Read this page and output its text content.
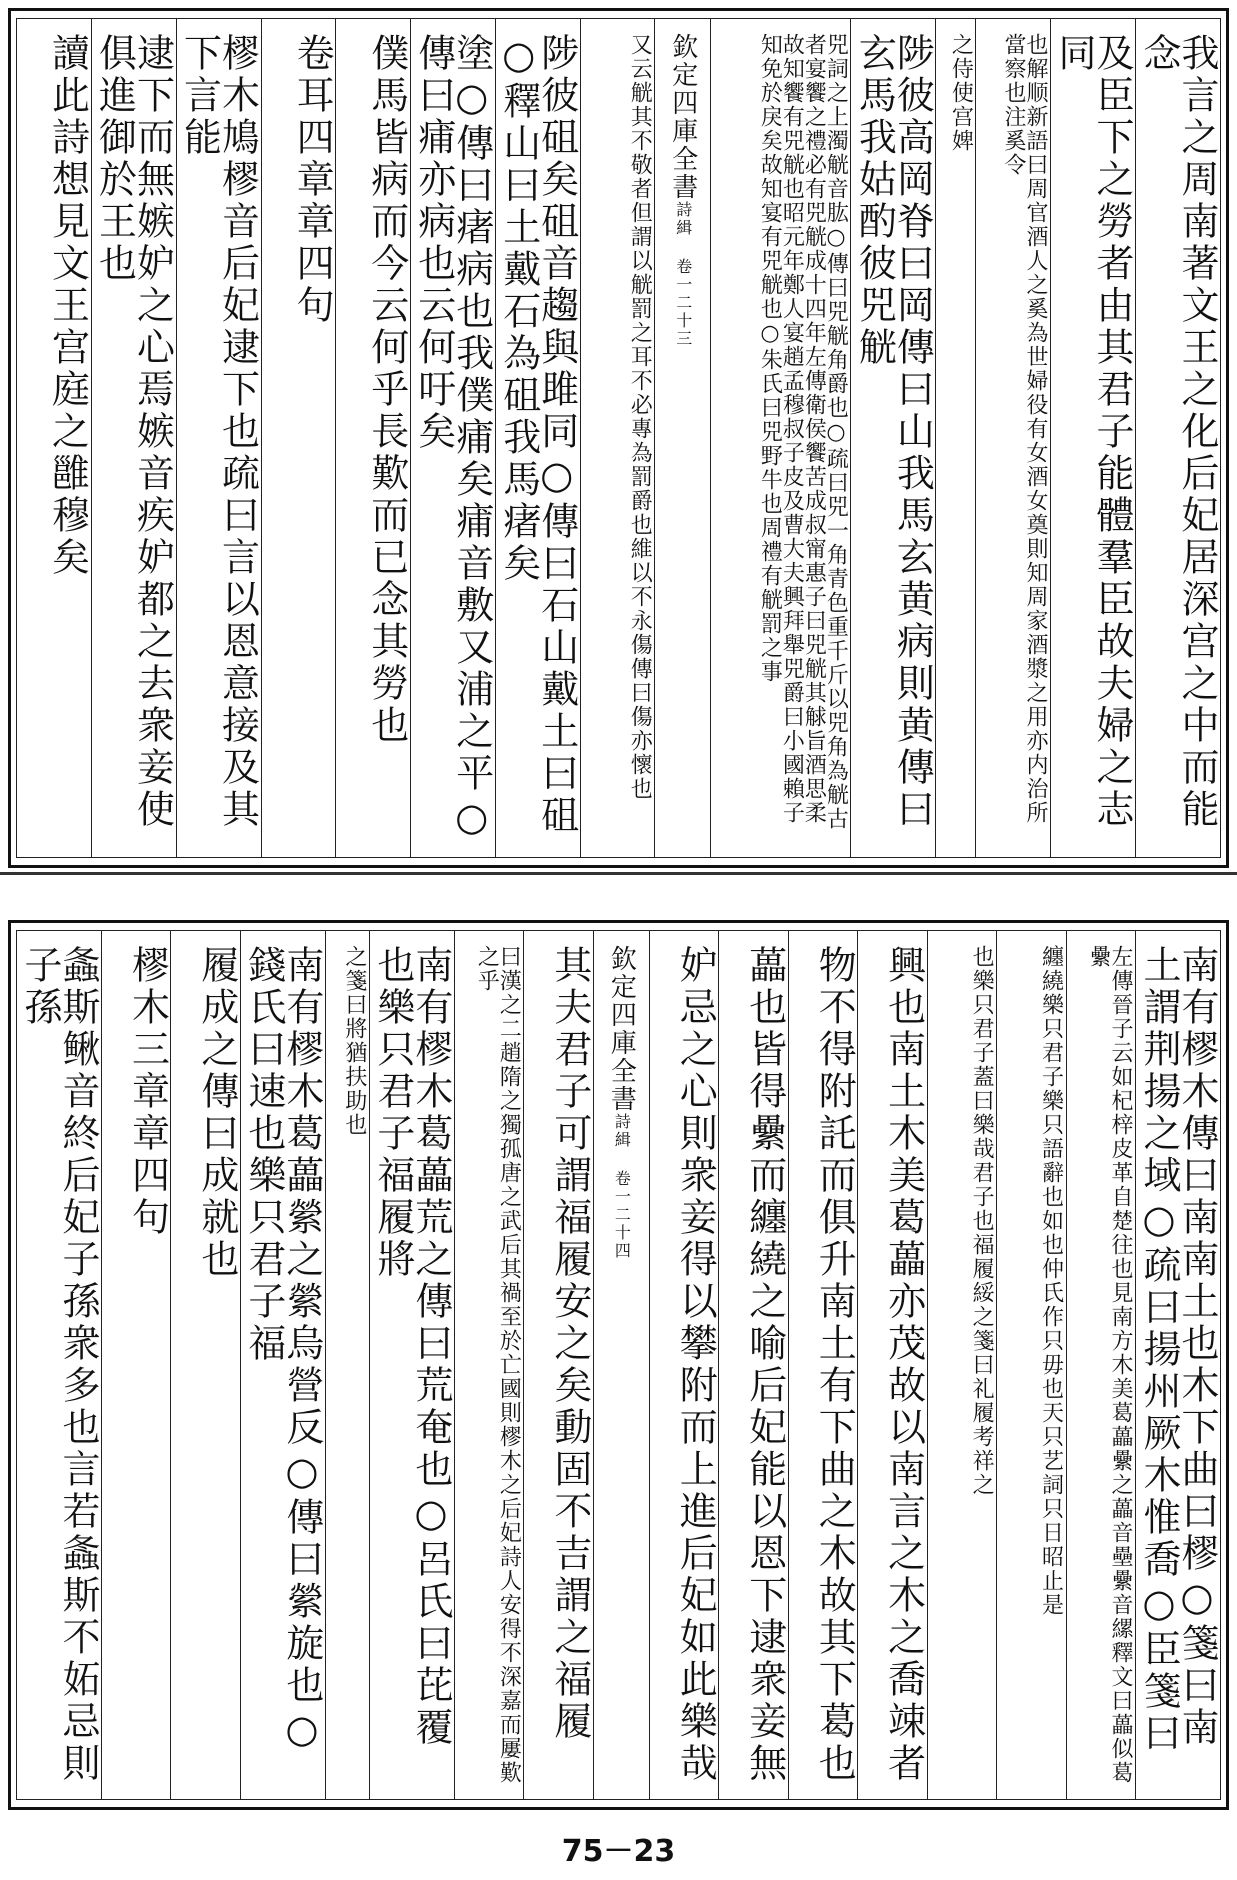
我言之周南著文王之化后妃居深宫之中而能念
及臣下之勞者由其君子能體羣臣故夫婦之志同
也解顺新語曰周官酒人之奚為世婦役有女酒女奠則知周家酒漿之用亦内治所當察也注奚令
之侍使宫婢
陟彼高岡脊曰岡傳曰山我馬玄黄病則黄傳曰玄馬我姑酌彼兕觥
兕詞之上濁觥音肱○傳曰兕觥角爵也○疏曰兕一角青色重千斤以兕角為觥古者宴饗之禮必有兕觥成十四年左傳衛侯饗苦成叔甯惠子曰兕觥其觩旨酒思柔故知饗有兕觥也昭元年鄭人宴趙孟穆叔子皮及曹大夫興拜舉兕爵曰小國賴子知免於戾矣故知宴有兕觥也○朱氏曰兕野牛也周禮有觥罰之事
欽定四庫全書
詩緝 卷一
二十三
又云觥其不敬者但謂以觥罰之耳不必專為罰爵也維以不永傷傳曰傷亦懷也
陟彼砠矣砠音趨與雎同○傳曰石山戴土曰砠○釋山曰土戴石為砠我馬瘏矣
塗○傳曰瘏病也我僕痡矣痡音敷又浦之平○傳曰痡亦病也云何吁矣
僕馬皆病而今云何乎長歎而已念其勞也
卷耳四章章四句
樛木鳩樛音后妃逮下也疏曰言以恩意接及其下言能
逮下而無嫉妒之心焉嫉音疾妒都之去衆妾使俱進御於王也
讀此詩想見文王宫庭之雝穆矣
南有樛木傳曰南南土也木下曲曰樛○箋曰南土謂荆揚之域○疏曰揚州厥木惟喬○臣箋曰
左傳晉子云如杞梓皮革自楚往也見南方木美葛藟纍之藟音壘纍音縲釋文曰藟似葛纍
纏繞樂只君子樂只語辭也如也仲氏作只毋也天只艺詞只日昭止是
也樂只君子蓋曰樂哉君子也福履綏之箋曰礼履考祥之
興也南土木美葛藟亦茂故以南言之木之喬竦者
物不得附託而俱升南土有下曲之木故其下葛也
藟也皆得纍而纏繞之喻后妃能以恩下逮衆妾無
妒忌之心則衆妾得以攀附而上進后妃如此樂哉
欽定四庫全書
詩緝 卷一
二十四
其夫君子可謂福履安之矣動固不吉謂之福履
曰漢之二趙隋之獨孤唐之武后其禍至於亡國則樛木之后妃詩人安得不深嘉而屢歎之乎
南有樛木葛藟荒之傳曰荒奄也○呂氏曰芘覆也樂只君子福履將
之箋曰將猶扶助也
南有樛木葛藟縈之縈烏營反○傳曰縈旋也○錢氏曰速也樂只君子福
履成之傳曰成就也
樛木三章章四句
螽斯鳅音終后妃子孫衆多也言若螽斯不妬忌則子孫
75－23
